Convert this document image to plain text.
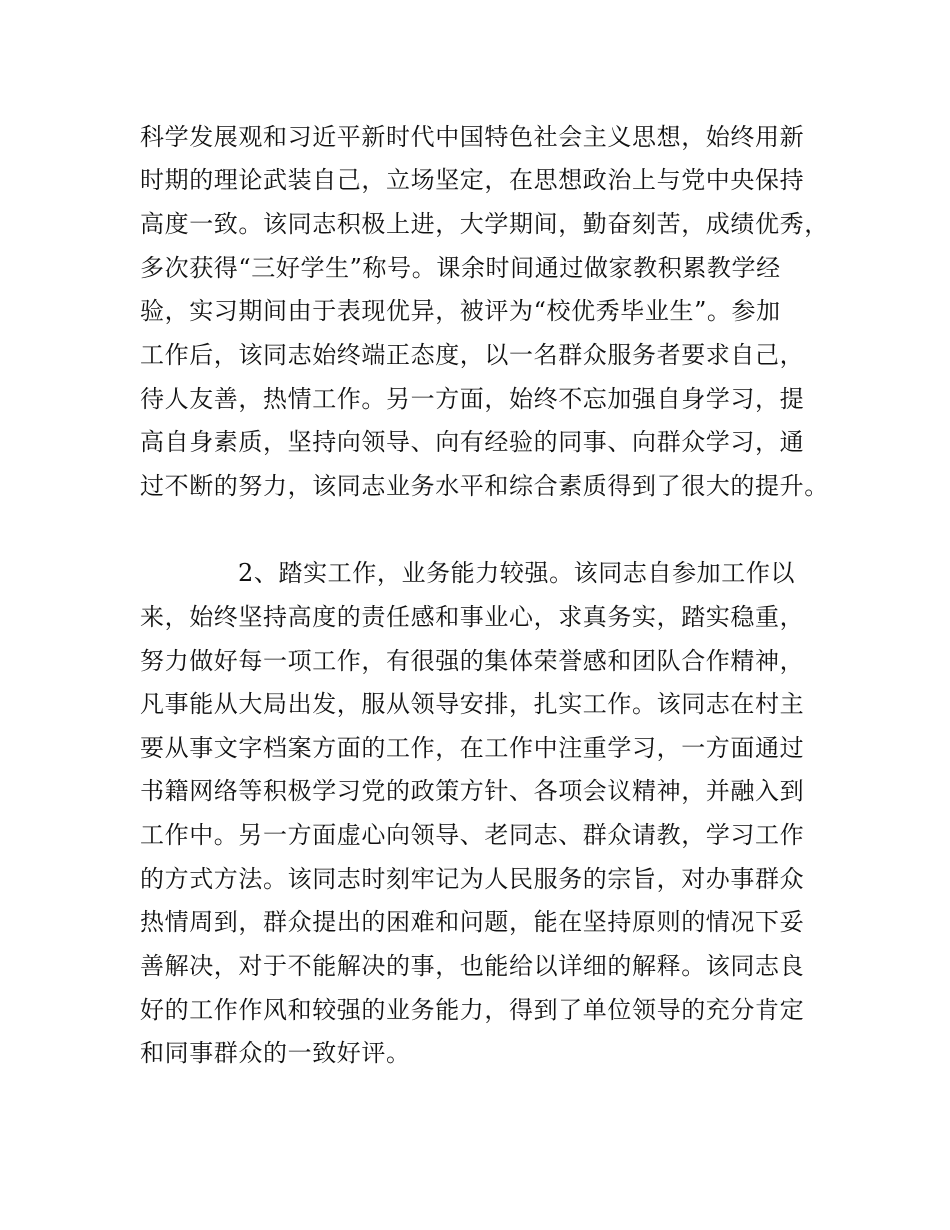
科学发展观和习近平新时代中国特色社会主义思想，始终用新

时期的理论武装自己，立场坚定，在思想政治上与党中央保持

高度一致。该同志积极上进，大学期间，勤奋刻苦，成绩优秀，

多次获得“三好学生”称号。课余时间通过做家教积累教学经

验，实习期间由于表现优异，被评为“校优秀毕业生”。参加

工作后，该同志始终端正态度，以一名群众服务者要求自己，

待人友善，热情工作。另一方面，始终不忘加强自身学习，提

高自身素质，坚持向领导、向有经验的同事、向群众学习，通

过不断的努力，该同志业务水平和综合素质得到了很大的提升。

2、踏实工作，业务能力较强。该同志自参加工作以

来，始终坚持高度的责任感和事业心，求真务实，踏实稳重，

努力做好每一项工作，有很强的集体荣誉感和团队合作精神，

凡事能从大局出发，服从领导安排，扎实工作。该同志在村主

要从事文字档案方面的工作，在工作中注重学习，一方面通过

书籍网络等积极学习党的政策方针、各项会议精神，并融入到

工作中。另一方面虚心向领导、老同志、群众请教，学习工作

的方式方法。该同志时刻牢记为人民服务的宗旨，对办事群众

热情周到，群众提出的困难和问题，能在坚持原则的情况下妥

善解决，对于不能解决的事，也能给以详细的解释。该同志良

好的工作作风和较强的业务能力，得到了单位领导的充分肯定

和同事群众的一致好评。
